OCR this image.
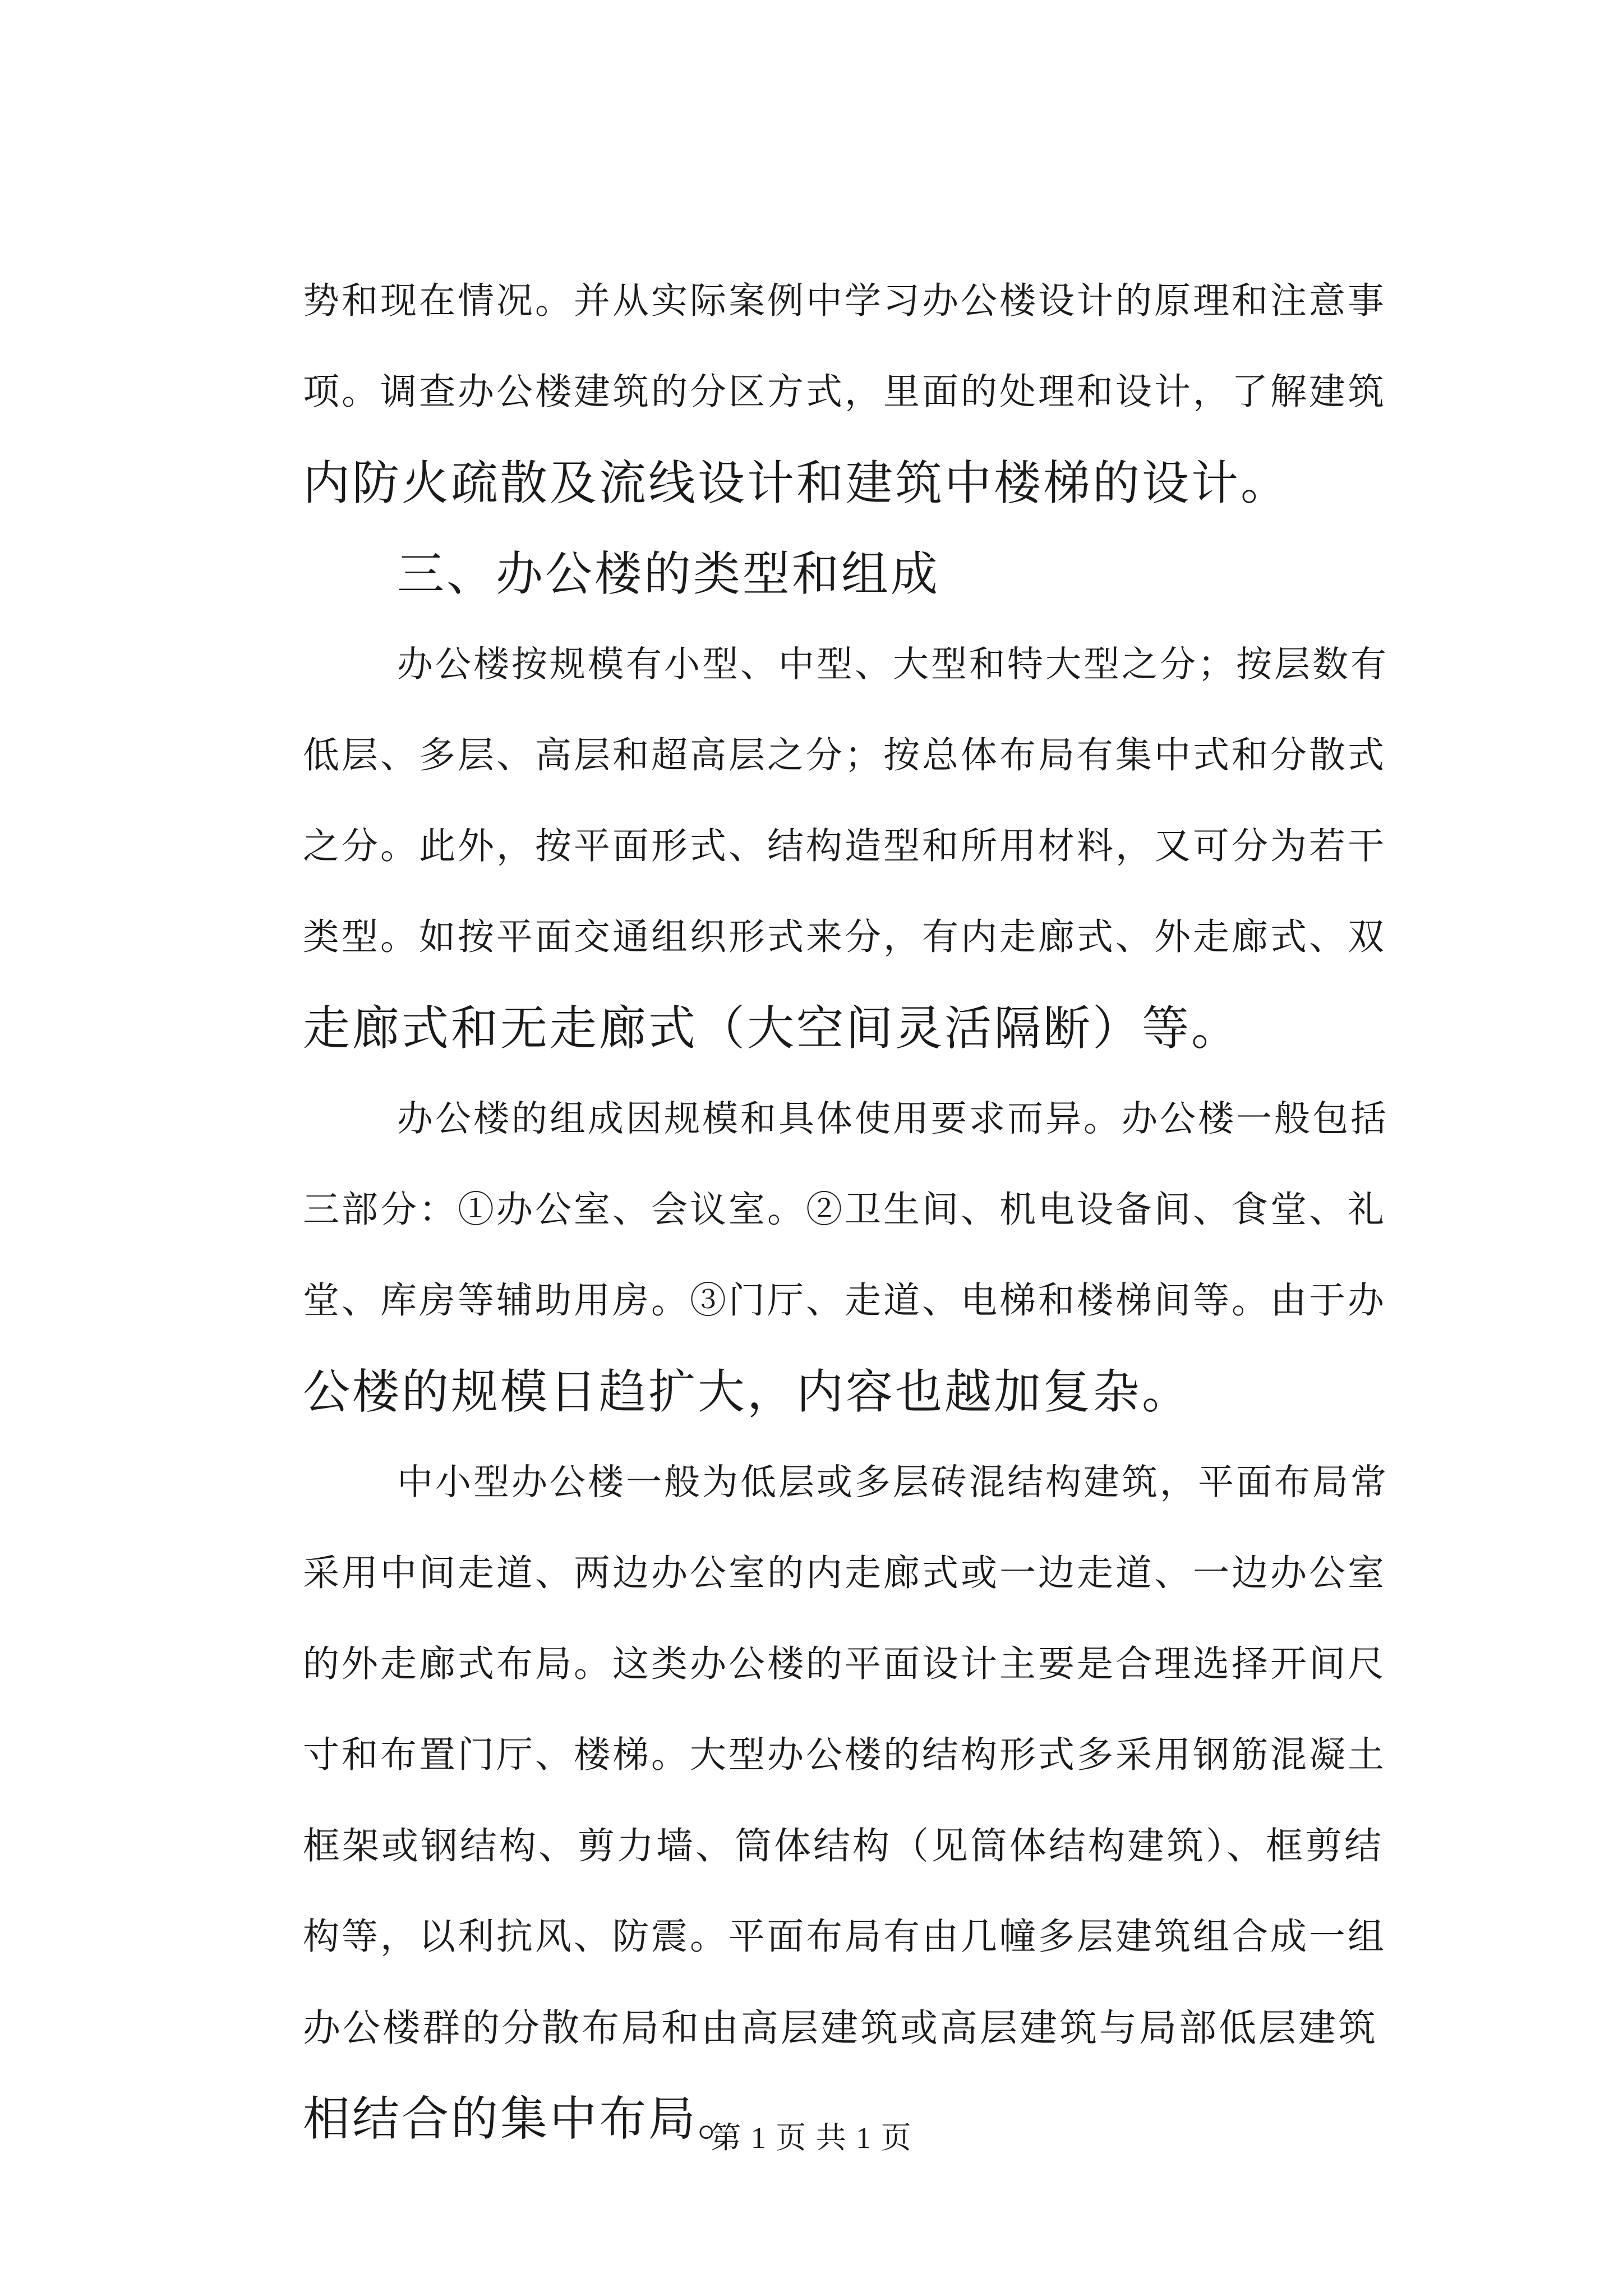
势和现在情况。并从实际案例中学习办公楼设计的原理和注意事
项。调查办公楼建筑的分区方式，里面的处理和设计，了解建筑
内防火疏散及流线设计和建筑中楼梯的设计。
三、办公楼的类型和组成
办公楼按规模有小型、中型、大型和特大型之分；按层数有
低层、多层、高层和超高层之分；按总体布局有集中式和分散式
之分。此外，按平面形式、结构造型和所用材料，又可分为若干
类型。如按平面交通组织形式来分，有内走廊式、外走廊式、双
走廊式和无走廊式（大空间灵活隔断）等。
办公楼的组成因规模和具体使用要求而异。办公楼一般包括
三部分：①办公室、会议室。②卫生间、机电设备间、食堂、礼
堂、库房等辅助用房。③门厅、走道、电梯和楼梯间等。由于办
公楼的规模日趋扩大，内容也越加复杂。
中小型办公楼一般为低层或多层砖混结构建筑，平面布局常
采用中间走道、两边办公室的内走廊式或一边走道、一边办公室
的外走廊式布局。这类办公楼的平面设计主要是合理选择开间尺
寸和布置门厅、楼梯。大型办公楼的结构形式多采用钢筋混凝土
框架或钢结构、剪力墙、筒体结构（见筒体结构建筑）、框剪结
构等，以利抗风、防震。平面布局有由几幢多层建筑组合成一组
办公楼群的分散布局和由高层建筑或高层建筑与局部低层建筑
相结合的集中布局。
第 1 页 共 1 页
